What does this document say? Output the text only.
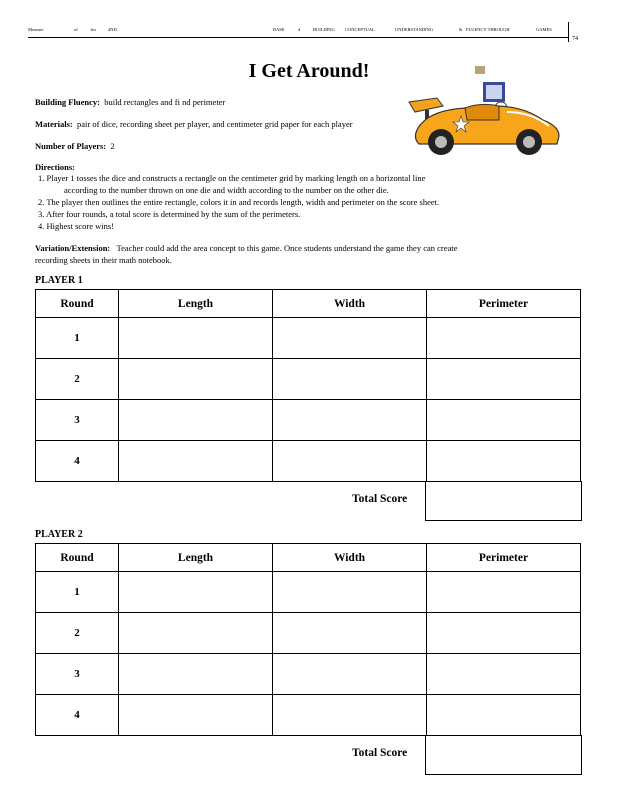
Measure	of	1m	4ND	BASE	4	BUILDING CONCEPTUAL	UNDERSTANDING	& FLUENCY THROUGH	GAMES
74
I Get Around!
Building Fluency: build rectangles and fi nd perimeter
Materials: pair of dice, recording sheet per player, and centimeter grid paper for each player
Number of Players: 2
Directions:
1. Player 1 tosses the dice and constructs a rectangle on the centimeter grid by marking length on a horizontal line
according to the number thrown on one die and width according to the number on the other die.
2. The player then outlines the entire rectangle, colors it in and records length, width and perimeter on the score sheet.
3. After four rounds, a total score is determined by the sum of the perimeters.
4. Highest score wins!
Variation/Extension: Teacher could add the area concept to this game. Once students understand the game they can create
recording sheets in their math notebook.
PLAYER 1
Round	Length	Width	Perimeter
1			
2			
3			
4			
Total Score
PLAYER 2
Round	Length	Width	Perimeter
1			
2			
3			
4			
Total Score
